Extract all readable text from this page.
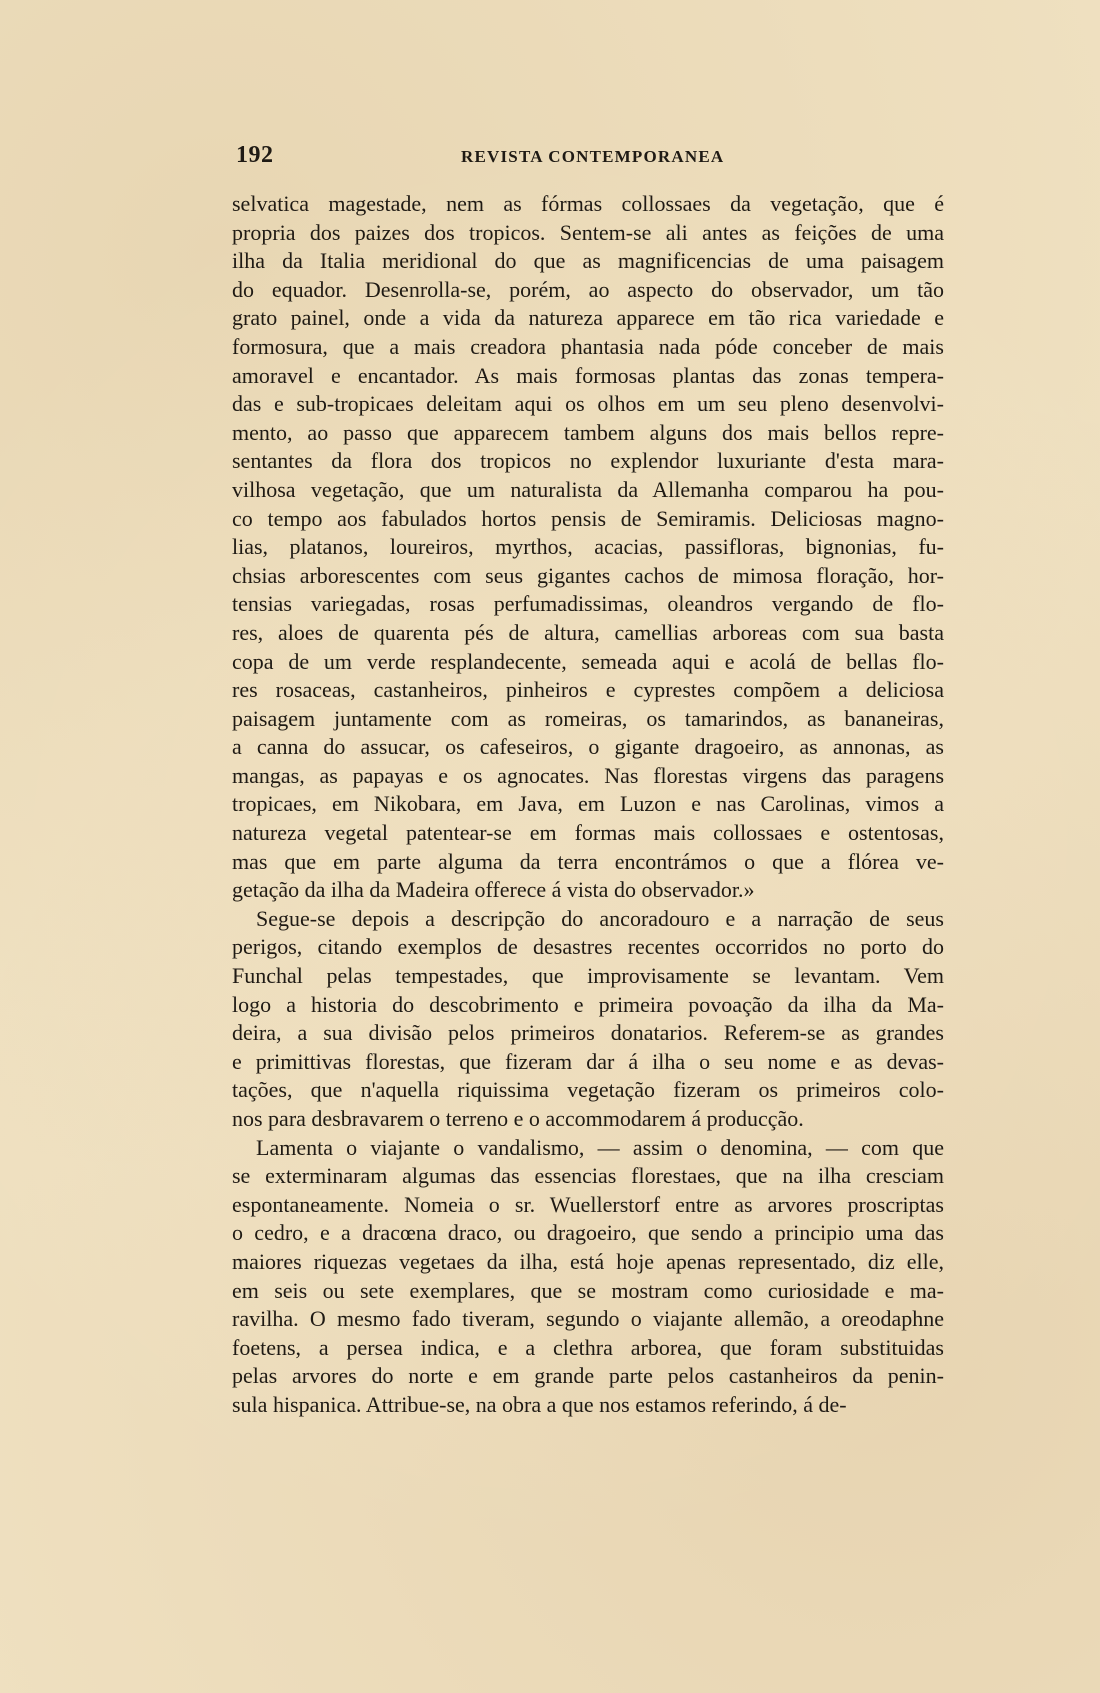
192	REVISTA CONTEMPORANEA
selvatica magestade, nem as fórmas collossaes da vegetação, que é
propria dos paizes dos tropicos. Sentem-se ali antes as feições de uma
ilha da Italia meridional do que as magnificencias de uma paisagem
do equador. Desenrolla-se, porém, ao aspecto do observador, um tão
grato painel, onde a vida da natureza apparece em tão rica variedade e
formosura, que a mais creadora phantasia nada póde conceber de mais
amoravel e encantador. As mais formosas plantas das zonas tempera-
das e sub-tropicaes deleitam aqui os olhos em um seu pleno desenvolvi-
mento, ao passo que apparecem tambem alguns dos mais bellos repre-
sentantes da flora dos tropicos no explendor luxuriante d'esta mara-
vilhosa vegetação, que um naturalista da Allemanha comparou ha pou-
co tempo aos fabulados hortos pensis de Semiramis. Deliciosas magno-
lias, platanos, loureiros, myrthos, acacias, passifloras, bignonias, fu-
chsias arborescentes com seus gigantes cachos de mimosa floração, hor-
tensias variegadas, rosas perfumadissimas, oleandros vergando de flo-
res, aloes de quarenta pés de altura, camellias arboreas com sua basta
copa de um verde resplandecente, semeada aqui e acolá de bellas flo-
res rosaceas, castanheiros, pinheiros e cyprestes compõem a deliciosa
paisagem juntamente com as romeiras, os tamarindos, as bananeiras,
a canna do assucar, os cafeseiros, o gigante dragoeiro, as annonas, as
mangas, as papayas e os agnocates. Nas florestas virgens das paragens
tropicaes, em Nikobara, em Java, em Luzon e nas Carolinas, vimos a
natureza vegetal patentear-se em formas mais collossaes e ostentosas,
mas que em parte alguma da terra encontrámos o que a flórea ve-
getação da ilha da Madeira offerece á vista do observador.»
Segue-se depois a descripção do ancoradouro e a narração de seus
perigos, citando exemplos de desastres recentes occorridos no porto do
Funchal pelas tempestades, que improvisamente se levantam. Vem
logo a historia do descobrimento e primeira povoação da ilha da Ma-
deira, a sua divisão pelos primeiros donatarios. Referem-se as grandes
e primittivas florestas, que fizeram dar á ilha o seu nome e as devas-
tações, que n'aquella riquissima vegetação fizeram os primeiros colo-
nos para desbravarem o terreno e o accommodarem á producção.
Lamenta o viajante o vandalismo, — assim o denomina, — com que
se exterminaram algumas das essencias florestaes, que na ilha cresciam
espontaneamente. Nomeia o sr. Wuellerstorf entre as arvores proscriptas
o cedro, e a dracœna draco, ou dragoeiro, que sendo a principio uma das
maiores riquezas vegetaes da ilha, está hoje apenas representado, diz elle,
em seis ou sete exemplares, que se mostram como curiosidade e ma-
ravilha. O mesmo fado tiveram, segundo o viajante allemão, a oreodaphne
foetens, a persea indica, e a clethra arborea, que foram substituidas
pelas arvores do norte e em grande parte pelos castanheiros da penin-
sula hispanica. Attribue-se, na obra a que nos estamos referindo, á de-
